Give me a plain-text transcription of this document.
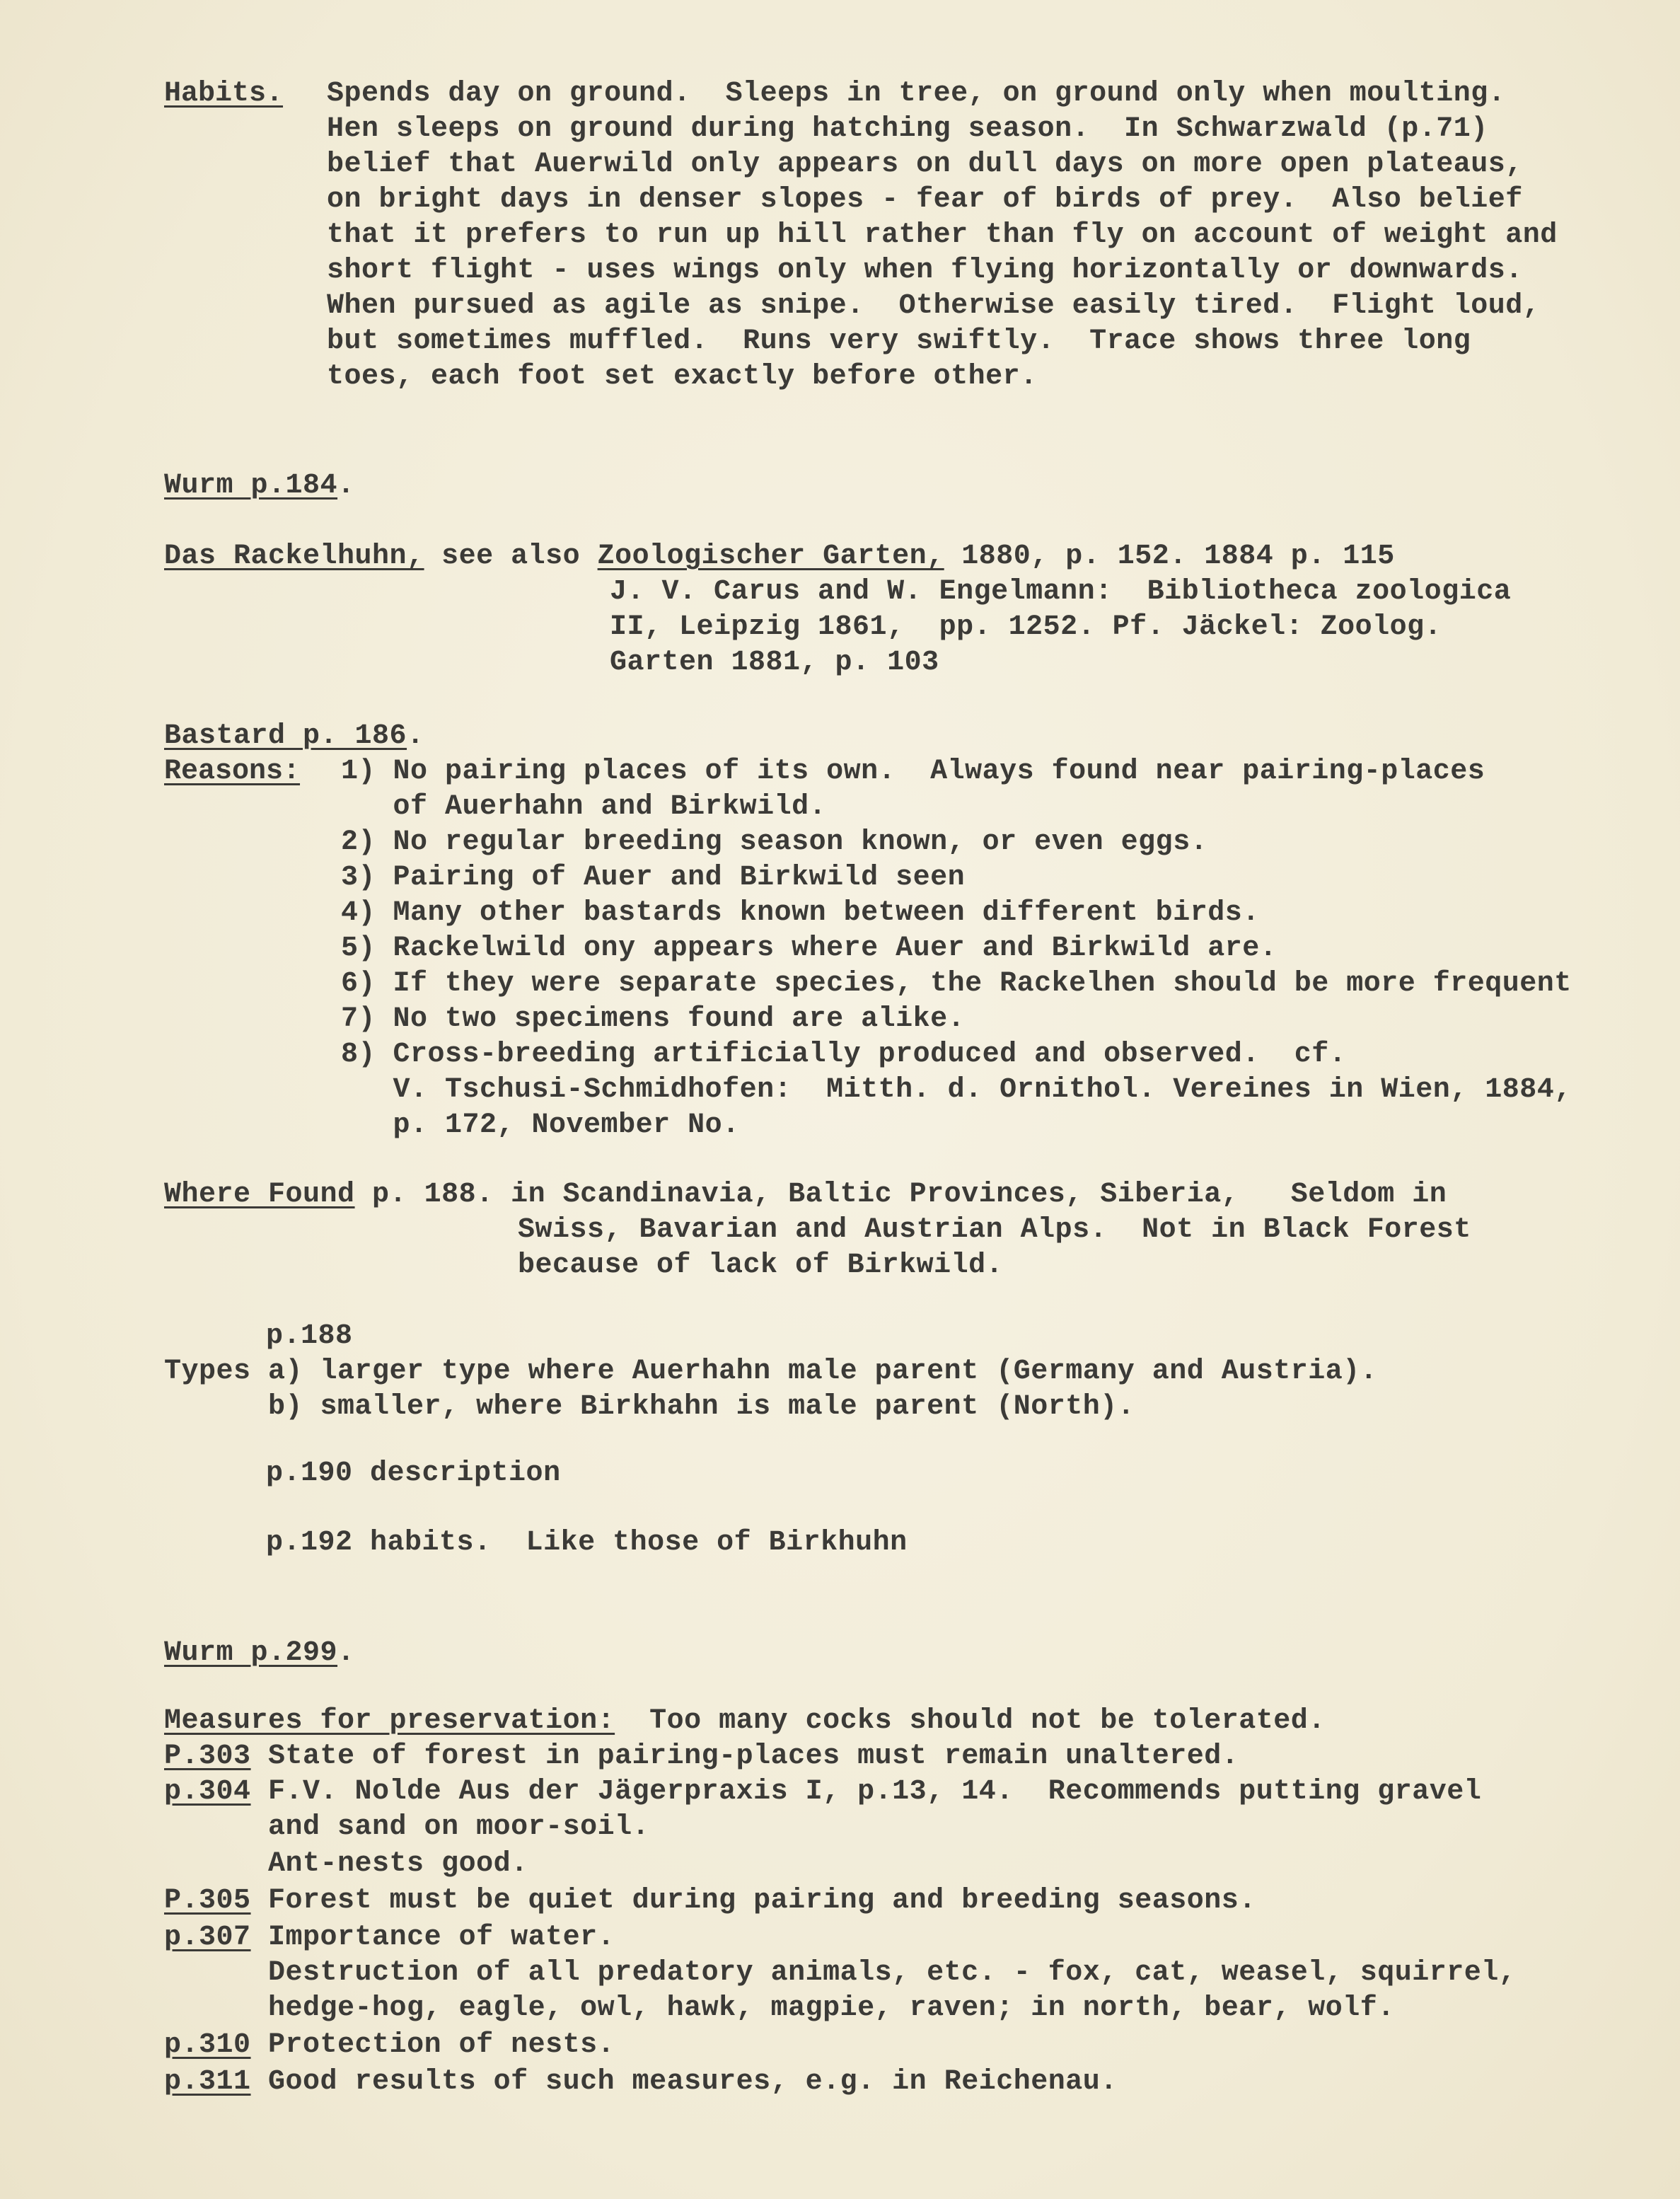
Habits. Spends day on ground.  Sleeps in tree, on ground only when moulting.
Hen sleeps on ground during hatching season.  In Schwarzwald (p.71)
belief that Auerwild only appears on dull days on more open plateaus,
on bright days in denser slopes - fear of birds of prey.  Also belief
that it prefers to run up hill rather than fly on account of weight and
short flight - uses wings only when flying horizontally or downwards.
When pursued as agile as snipe.  Otherwise easily tired.  Flight loud,
but sometimes muffled.  Runs very swiftly.  Trace shows three long
toes, each foot set exactly before other.
Wurm p.184.
Das Rackelhuhn, see also Zoologischer Garten, 1880, p. 152. 1884 p. 115
J. V. Carus and W. Engelmann:  Bibliotheca zoologica
II, Leipzig 1861,  pp. 1252. Pf. Jäckel: Zoolog.
Garten 1881, p. 103
Bastard p. 186.
Reasons: 1) No pairing places of its own.  Always found near pairing-places
of Auerhahn and Birkwild.
2) No regular breeding season known, or even eggs.
3) Pairing of Auer and Birkwild seen
4) Many other bastards known between different birds.
5) Rackelwild ony appears where Auer and Birkwild are.
6) If they were separate species, the Rackelhen should be more frequent
7) No two specimens found are alike.
8) Cross-breeding artificially produced and observed.  cf.
V. Tschusi-Schmidhofen:  Mitth. d. Ornithol. Vereines in Wien, 1884,
p. 172, November No.
Where Found p. 188. in Scandinavia, Baltic Provinces, Siberia,   Seldom in
Swiss, Bavarian and Austrian Alps.  Not in Black Forest
because of lack of Birkwild.
p.188
Types a) larger type where Auerhahn male parent (Germany and Austria).
b) smaller, where Birkhahn is male parent (North).
p.190 description
p.192 habits.  Like those of Birkhuhn
Wurm p.299.
Measures for preservation:  Too many cocks should not be tolerated.
P.303 State of forest in pairing-places must remain unaltered.
p.304 F.V. Nolde Aus der Jägerpraxis I, p.13, 14.  Recommends putting gravel
and sand on moor-soil.
Ant-nests good.
P.305 Forest must be quiet during pairing and breeding seasons.
p.307 Importance of water.
Destruction of all predatory animals, etc. - fox, cat, weasel, squirrel,
hedge-hog, eagle, owl, hawk, magpie, raven; in north, bear, wolf.
p.310 Protection of nests.
p.311 Good results of such measures, e.g. in Reichenau.
